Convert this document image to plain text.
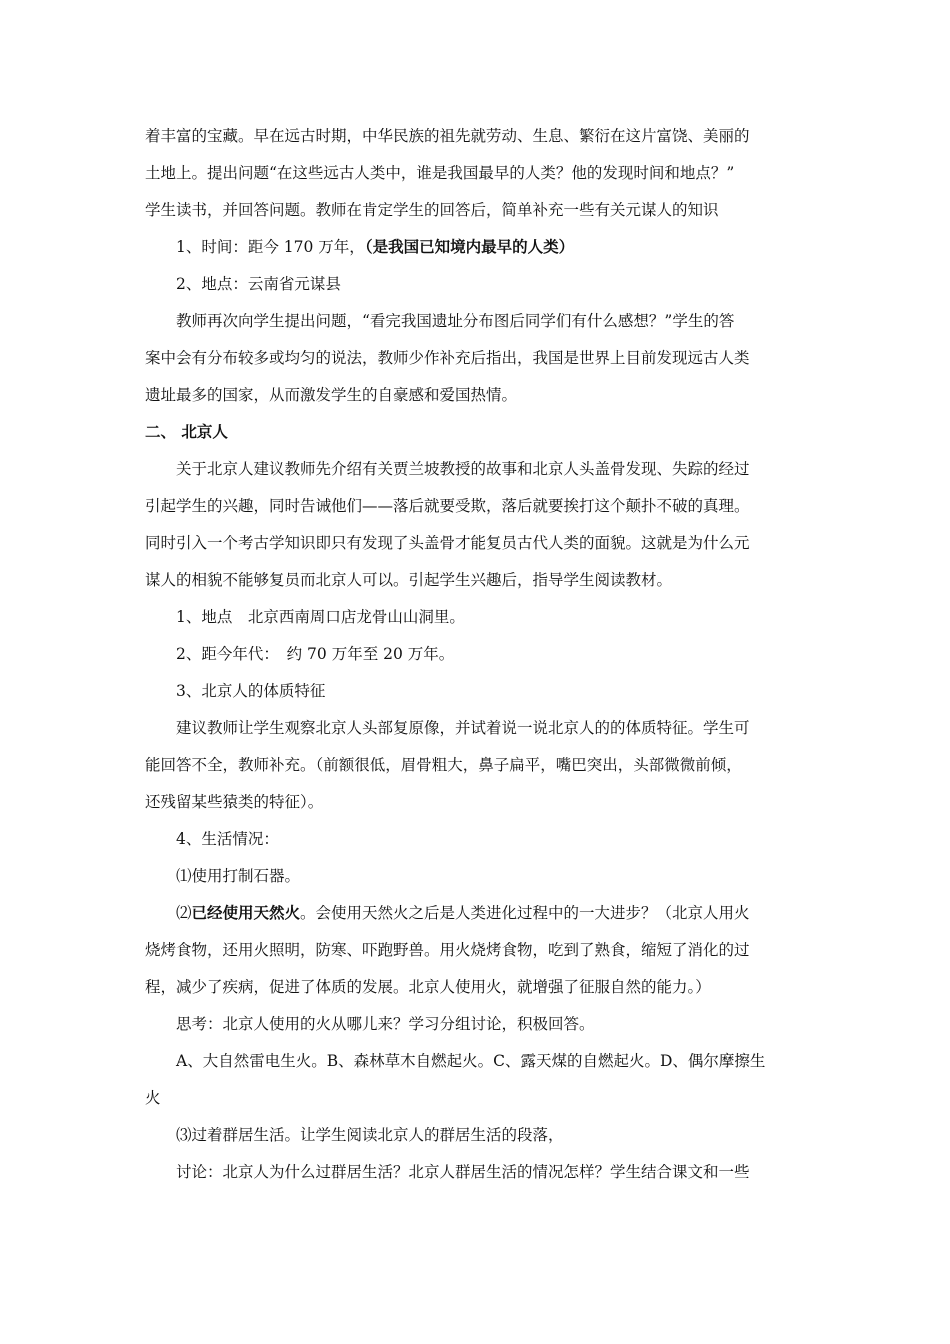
着丰富的宝藏。早在远古时期，中华民族的祖先就劳动、生息、繁衍在这片富饶、美丽的

土地上。提出问题“在这些远古人类中，谁是我国最早的人类？他的发现时间和地点？”

学生读书，并回答问题。教师在肯定学生的回答后，简单补充一些有关元谋人的知识

1、时间：距今 170 万年，（是我国已知境内最早的人类）

2、地点：云南省元谋县

教师再次向学生提出问题，“看完我国遗址分布图后同学们有什么感想？”学生的答

案中会有分布较多或均匀的说法，教师少作补充后指出，我国是世界上目前发现远古人类

遗址最多的国家，从而激发学生的自豪感和爱国热情。

二、 北京人

关于北京人建议教师先介绍有关贾兰坡教授的故事和北京人头盖骨发现、失踪的经过

引起学生的兴趣，同时告诫他们——落后就要受欺，落后就要挨打这个颠扑不破的真理。

同时引入一个考古学知识即只有发现了头盖骨才能复员古代人类的面貌。这就是为什么元

谋人的相貌不能够复员而北京人可以。引起学生兴趣后，指导学生阅读教材。

1、地点　北京西南周口店龙骨山山洞里。

2、距今年代：　约 70 万年至 20 万年。

3、北京人的体质特征

建议教师让学生观察北京人头部复原像，并试着说一说北京人的的体质特征。学生可

能回答不全，教师补充。（前额很低，眉骨粗大，鼻子扁平，嘴巴突出，头部微微前倾，

还残留某些猿类的特征）。

4、生活情况：

⑴使用打制石器。

⑵已经使用天然火。会使用天然火之后是人类进化过程中的一大进步？（北京人用火

烧烤食物，还用火照明，防寒、吓跑野兽。用火烧烤食物，吃到了熟食，缩短了消化的过

程，减少了疾病，促进了体质的发展。北京人使用火，就增强了征服自然的能力。）

思考：北京人使用的火从哪儿来？学习分组讨论，积极回答。

A、大自然雷电生火。B、森林草木自燃起火。C、露天煤的自燃起火。D、偶尔摩擦生

火

⑶过着群居生活。让学生阅读北京人的群居生活的段落，

讨论：北京人为什么过群居生活？北京人群居生活的情况怎样？学生结合课文和一些
